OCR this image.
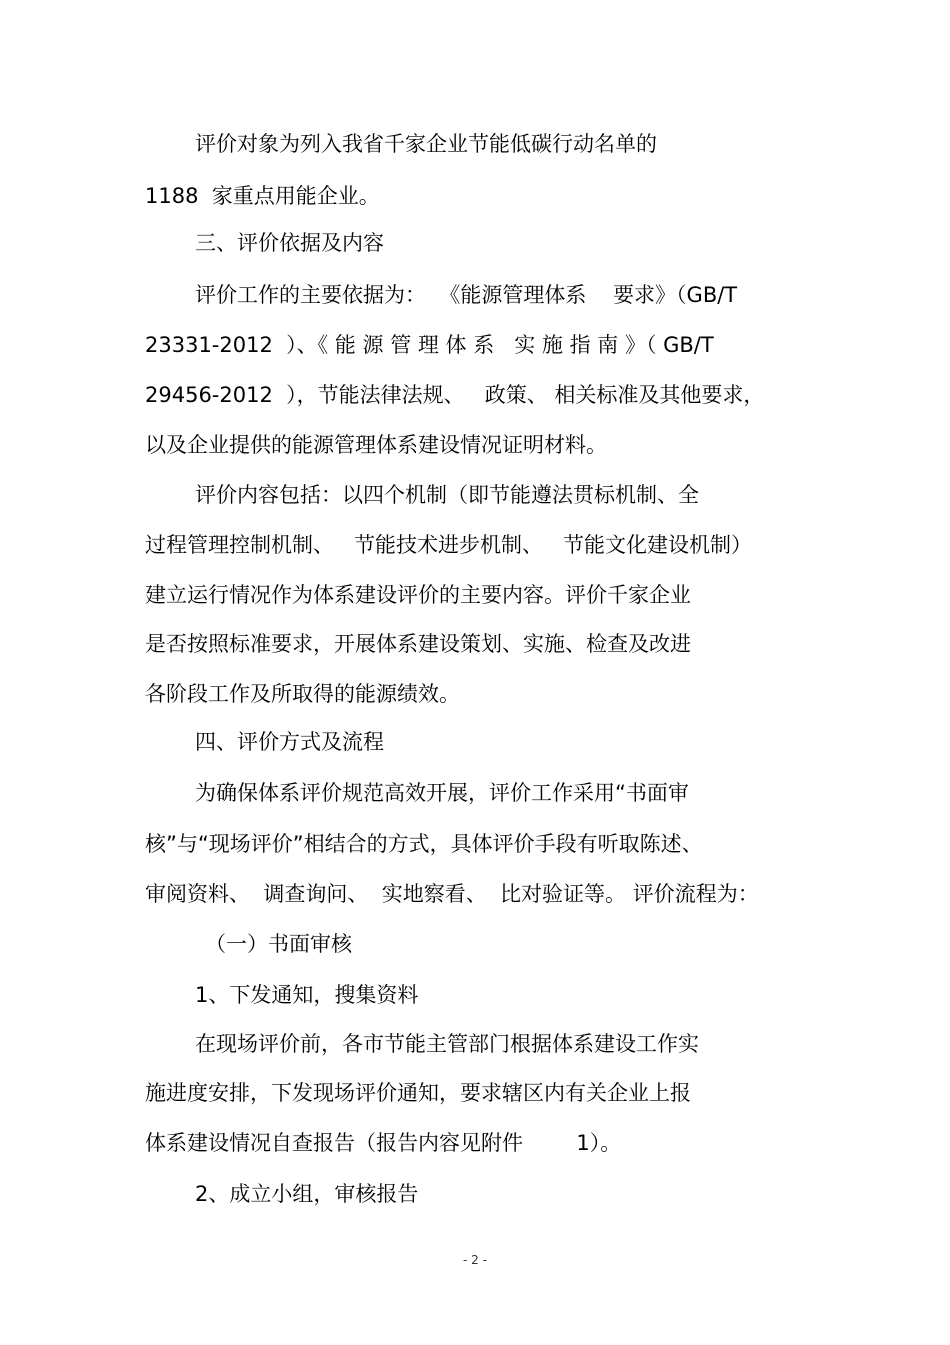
评价对象为列入我省千家企业节能低碳行动名单的

1188  家重点用能企业。

三、评价依据及内容

评价工作的主要依据为：  《能源管理体系    要求》（GB/T

23331-2012  ）、《 能 源 管 理 体 系   实 施 指 南 》（ GB/T

29456-2012  ），节能法律法规、   政策、 相关标准及其他要求，

以及企业提供的能源管理体系建设情况证明材料。

评价内容包括：以四个机制（即节能遵法贯标机制、全

过程管理控制机制、   节能技术进步机制、   节能文化建设机制）

建立运行情况作为体系建设评价的主要内容。评价千家企业

是否按照标准要求，开展体系建设策划、实施、检查及改进

各阶段工作及所取得的能源绩效。

四、评价方式及流程

为确保体系评价规范高效开展，评价工作采用“书面审

核”与“现场评价”相结合的方式，具体评价手段有听取陈述、

审阅资料、  调查询问、  实地察看、  比对验证等。 评价流程为：

（一）书面审核

1、下发通知，搜集资料

在现场评价前，各市节能主管部门根据体系建设工作实

施进度安排，下发现场评价通知，要求辖区内有关企业上报

体系建设情况自查报告（报告内容见附件        1）。

2、成立小组，审核报告

- 2 -
